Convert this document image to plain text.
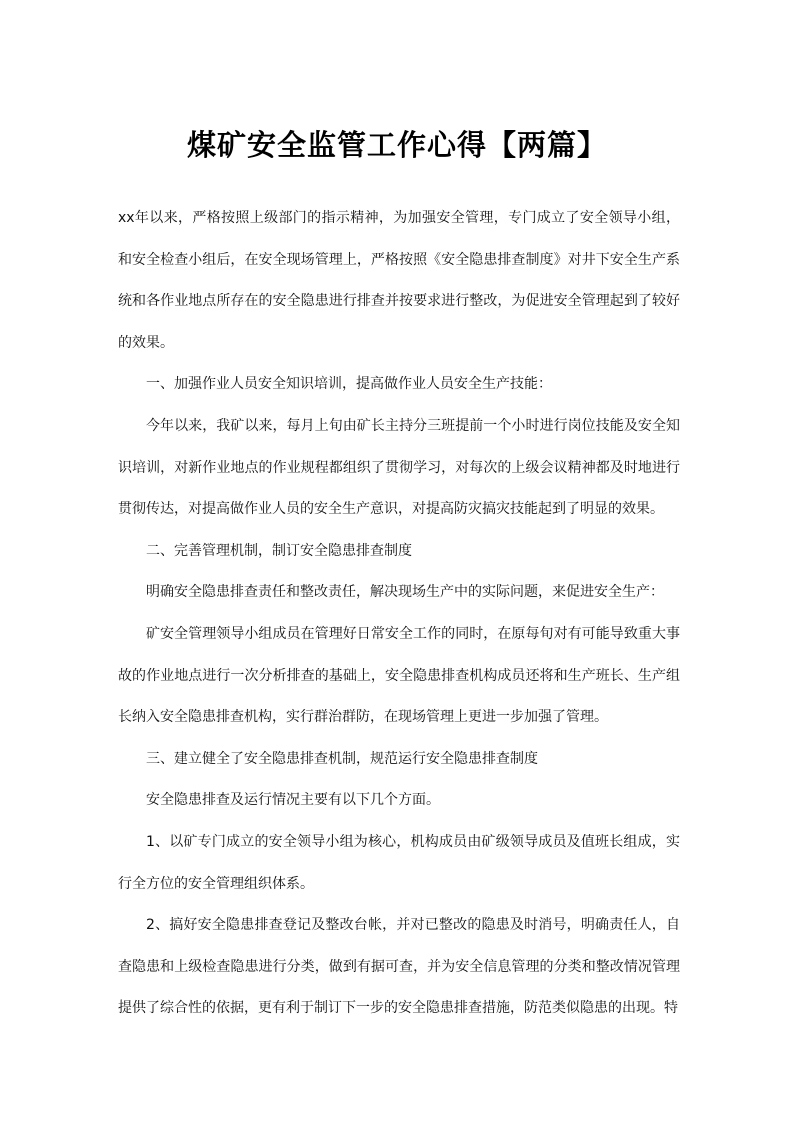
煤矿安全监管工作心得【两篇】

xx年以来，严格按照上级部门的指示精神，为加强安全管理，专门成立了安全领导小组，和安全检查小组后，在安全现场管理上，严格按照《安全隐患排查制度》对井下安全生产系统和各作业地点所存在的安全隐患进行排查并按要求进行整改，为促进安全管理起到了较好的效果。

一、加强作业人员安全知识培训，提高做作业人员安全生产技能：

今年以来，我矿以来，每月上旬由矿长主持分三班提前一个小时进行岗位技能及安全知识培训，对新作业地点的作业规程都组织了贯彻学习，对每次的上级会议精神都及时地进行贯彻传达，对提高做作业人员的安全生产意识，对提高防灾搞灾技能起到了明显的效果。

二、完善管理机制，制订安全隐患排查制度

明确安全隐患排查责任和整改责任，解决现场生产中的实际问题，来促进安全生产：

矿安全管理领导小组成员在管理好日常安全工作的同时，在原每旬对有可能导致重大事故的作业地点进行一次分析排查的基础上，安全隐患排查机构成员还将和生产班长、生产组长纳入安全隐患排查机构，实行群治群防，在现场管理上更进一步加强了管理。

三、建立健全了安全隐患排查机制，规范运行安全隐患排查制度

安全隐患排查及运行情况主要有以下几个方面。

1、以矿专门成立的安全领导小组为核心，机构成员由矿级领导成员及值班长组成，实行全方位的安全管理组织体系。

2、搞好安全隐患排查登记及整改台帐，并对已整改的隐患及时消号，明确责任人，自查隐患和上级检查隐患进行分类，做到有据可查，并为安全信息管理的分类和整改情况管理提供了综合性的依据，更有利于制订下一步的安全隐患排查措施，防范类似隐患的出现。特
